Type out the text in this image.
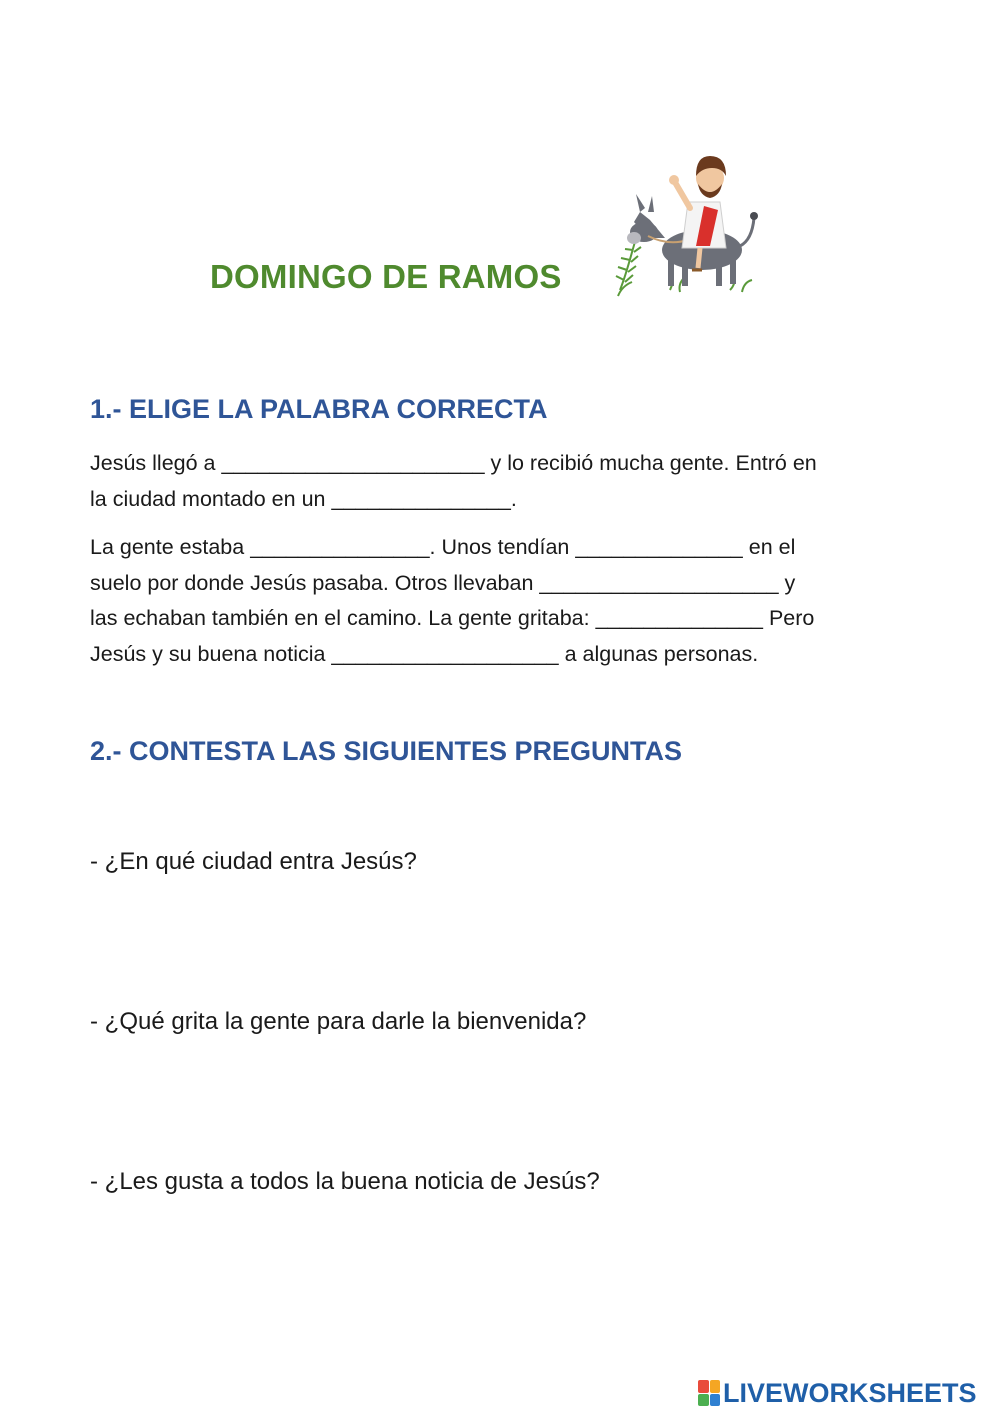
DOMINGO DE RAMOS
1.- ELIGE LA PALABRA CORRECTA

Jesús llegó a ______________________ y lo recibió mucha gente. Entró en
la ciudad montado en un _______________.

La gente estaba _______________. Unos tendían ______________ en el
suelo por donde Jesús pasaba. Otros llevaban ____________________ y
las echaban también en el camino. La gente gritaba: ______________ Pero
Jesús y su buena noticia ___________________ a algunas personas.

2.- CONTESTA LAS SIGUIENTES PREGUNTAS
- ¿En qué ciudad entra Jesús?
- ¿Qué grita la gente para darle la bienvenida?
- ¿Les gusta a todos la buena noticia de Jesús?
LIVEWORKSHEETS
